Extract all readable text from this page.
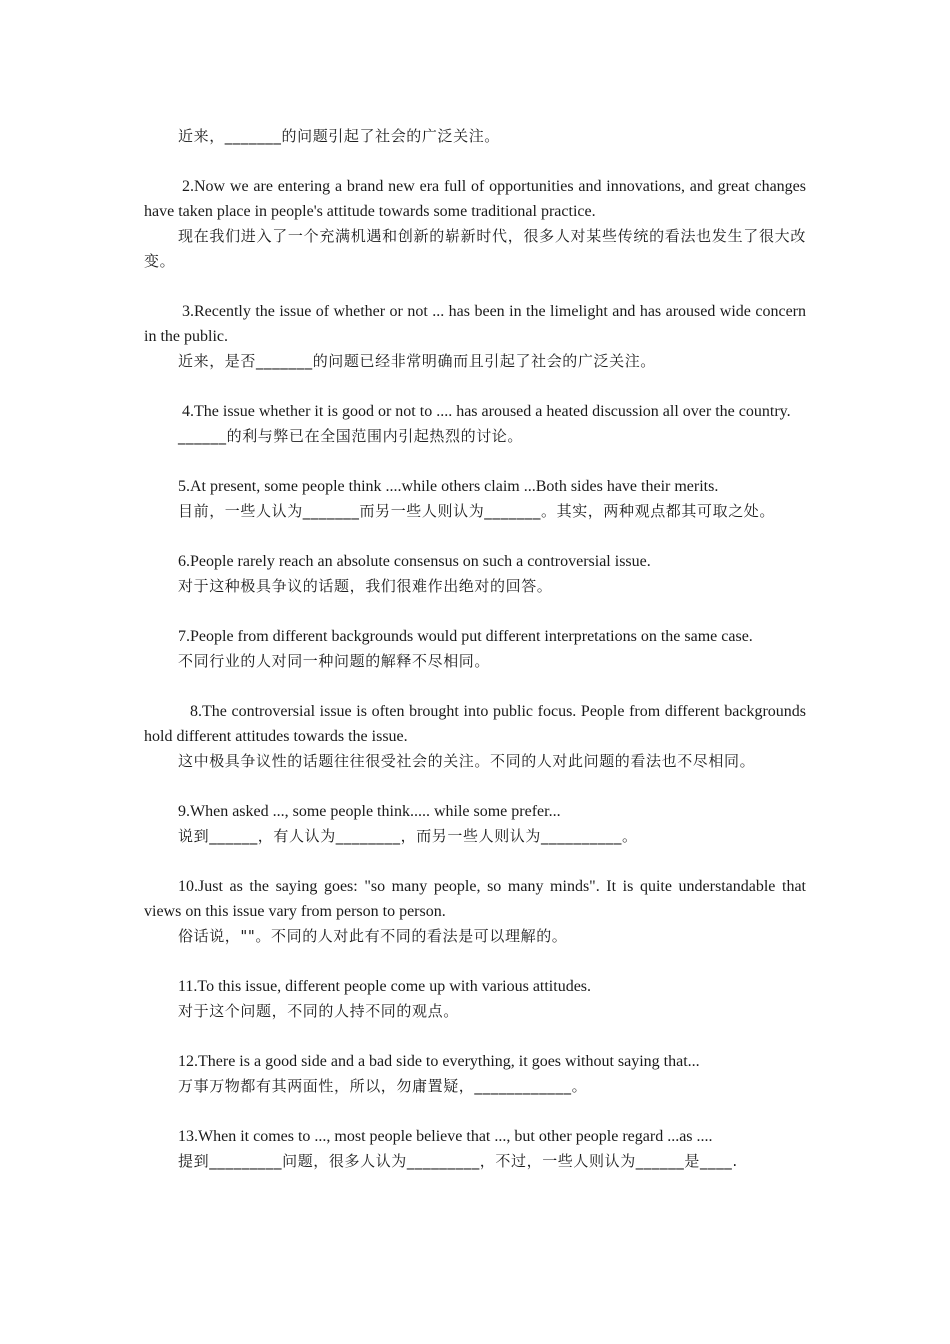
近来，_______的问题引起了社会的广泛关注。

2.Now we are entering a brand new era full of opportunities and innovations, and great changes have taken place in people's attitude towards some traditional practice.

现在我们进入了一个充满机遇和创新的崭新时代，很多人对某些传统的看法也发生了很大改变。

3.Recently the issue of whether or not ... has been in the limelight and has aroused wide concern in the public.

近来，是否_______的问题已经非常明确而且引起了社会的广泛关注。

4.The issue whether it is good or not to .... has aroused a heated discussion all over the country.

______的利与弊已在全国范围内引起热烈的讨论。

5.At present, some people think ....while others claim ...Both sides have their merits.

目前，一些人认为_______而另一些人则认为_______。其实，两种观点都其可取之处。

6.People rarely reach an absolute consensus on such a controversial issue.

对于这种极具争议的话题，我们很难作出绝对的回答。

7.People from different backgrounds would put different interpretations on the same case.

不同行业的人对同一种问题的解释不尽相同。

8.The controversial issue is often brought into public focus. People from different backgrounds hold different attitudes towards the issue.

这中极具争议性的话题往往很受社会的关注。不同的人对此问题的看法也不尽相同。

9.When asked ..., some people think..... while some prefer...

说到______，有人认为________，而另一些人则认为__________。

10.Just as the saying goes: "so many people, so many minds". It is quite understandable that views on this issue vary from person to person.

俗话说，""。不同的人对此有不同的看法是可以理解的。

11.To this issue, different people come up with various attitudes.

对于这个问题，不同的人持不同的观点。

12.There is a good side and a bad side to everything, it goes without saying that...

万事万物都有其两面性，所以，勿庸置疑，____________。

13.When it comes to ..., most people believe that ..., but other people regard ...as ....

提到_________问题，很多人认为_________，不过，一些人则认为______是____.
